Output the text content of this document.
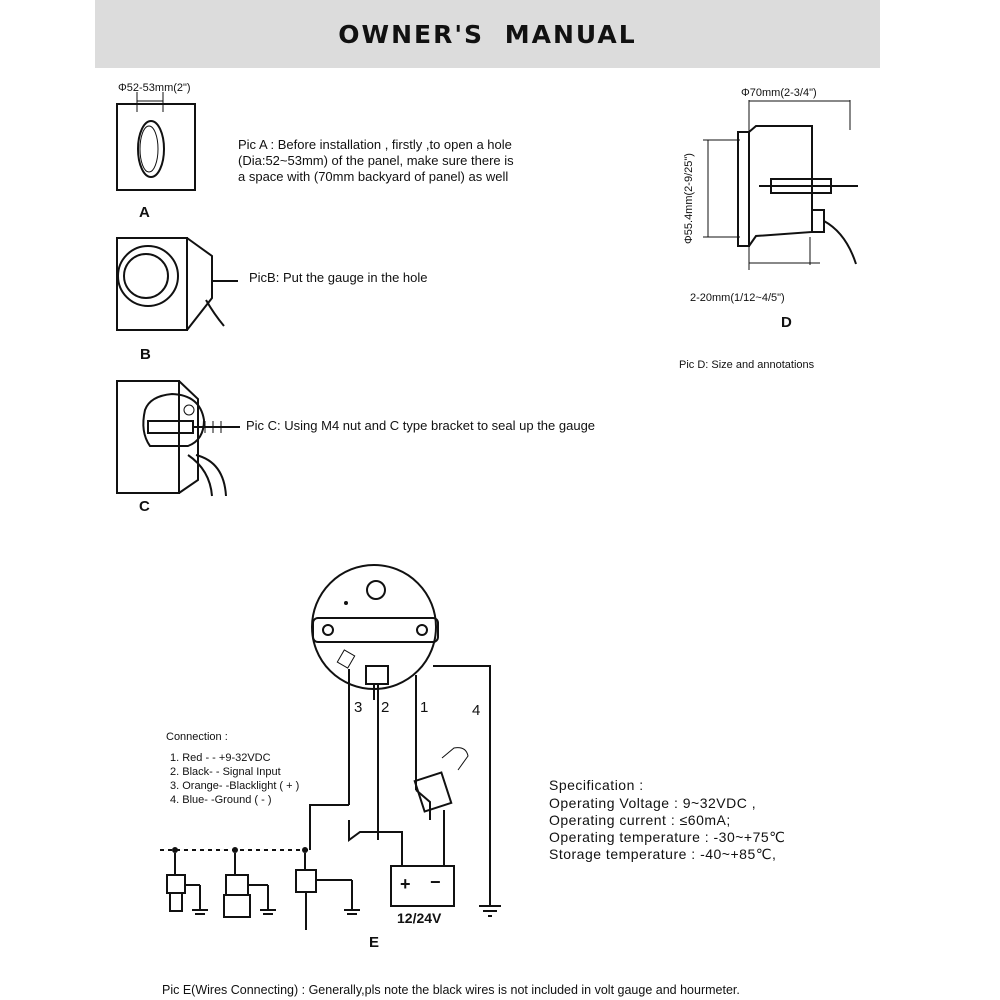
OWNER'S MANUAL
Φ52-53mm(2")
Pic A : Before installation , firstly ,to open a hole
(Dia:52~53mm) of the panel, make sure there is
a space with (70mm backyard of panel) as well
A
PicB: Put the gauge in the hole
B
Pic C: Using M4 nut and C type bracket to seal up the gauge
C
Φ70mm(2-3/4")
Φ55.4mm(2-9/25")
2-20mm(1/12~4/5")
D
Pic D: Size and annotations
Connection :
1. Red - - +9-32VDC
2. Black- - Signal Input
3. Orange- -Blacklight ( + )
4. Blue- -Ground ( - )
3 2 1	4
+ −
12/24V
E
Specification :
Operating Voltage : 9~32VDC ,
Operating current : ≤60mA;
Operating temperature : -30~+75℃
Storage temperature : -40~+85℃,
Pic E(Wires Connecting) : Generally,pls note the black wires is not included in volt gauge and hourmeter.
